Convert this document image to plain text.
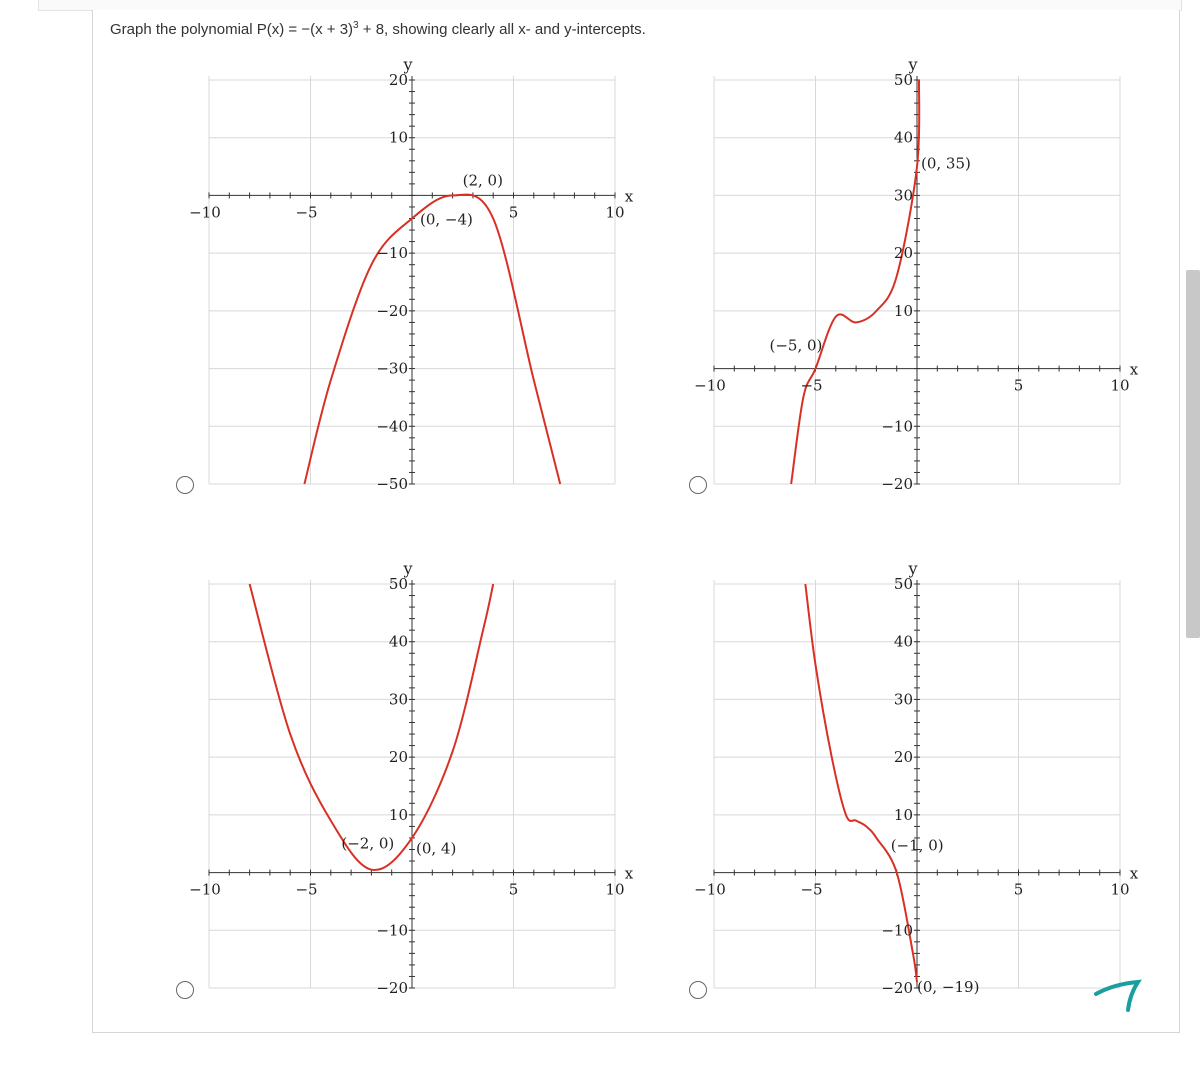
Graph the polynomial $P(x) = -(x + 3)^3 + 8$, showing clearly all x- and y-intercepts.
y
x
−10	−5	5	10
20
10
−10
−20
−30
−40
−50
(2, 0)
(0, −4)
y
x
−10	−5	5	10
50
40
30
20
10
−10
−20
(0, 35)
(−5, 0)
y
x
−10	−5	5	10
50
40
30
20
10
−10
−20
(−2, 0) (0, 4)
y
x
−10	−5	5	10
50
40
30
20
10
−10
−20
(−1, 0)
(0, −19)
